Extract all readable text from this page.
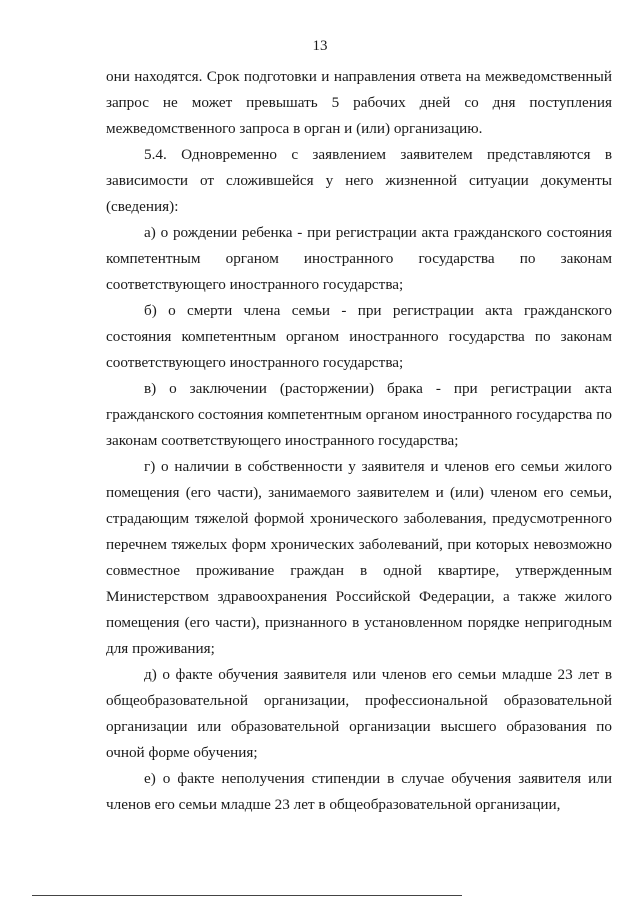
13

они находятся. Срок подготовки и направления ответа на межведомственный запрос не может превышать 5 рабочих дней со дня поступления межведомственного запроса в орган и (или) организацию.

5.4. Одновременно с заявлением заявителем представляются в зависимости от сложившейся у него жизненной ситуации документы (сведения):

а) о рождении ребенка - при регистрации акта гражданского состояния компетентным органом иностранного государства по законам соответствующего иностранного государства;

б) о смерти члена семьи - при регистрации акта гражданского состояния компетентным органом иностранного государства по законам соответствующего иностранного государства;

в) о заключении (расторжении) брака - при регистрации акта гражданского состояния компетентным органом иностранного государства по законам соответствующего иностранного государства;

г) о наличии в собственности у заявителя и членов его семьи жилого помещения (его части), занимаемого заявителем и (или) членом его семьи, страдающим тяжелой формой хронического заболевания, предусмотренного перечнем тяжелых форм хронических заболеваний, при которых невозможно совместное проживание граждан в одной квартире, утвержденным Министерством здравоохранения Российской Федерации, а также жилого помещения (его части), признанного в установленном порядке непригодным для проживания;

д) о факте обучения заявителя или членов его семьи младше 23 лет в общеобразовательной организации, профессиональной образовательной организации или образовательной организации высшего образования по очной форме обучения;

е) о факте неполучения стипендии в случае обучения заявителя или членов его семьи младше 23 лет в общеобразовательной организации,
